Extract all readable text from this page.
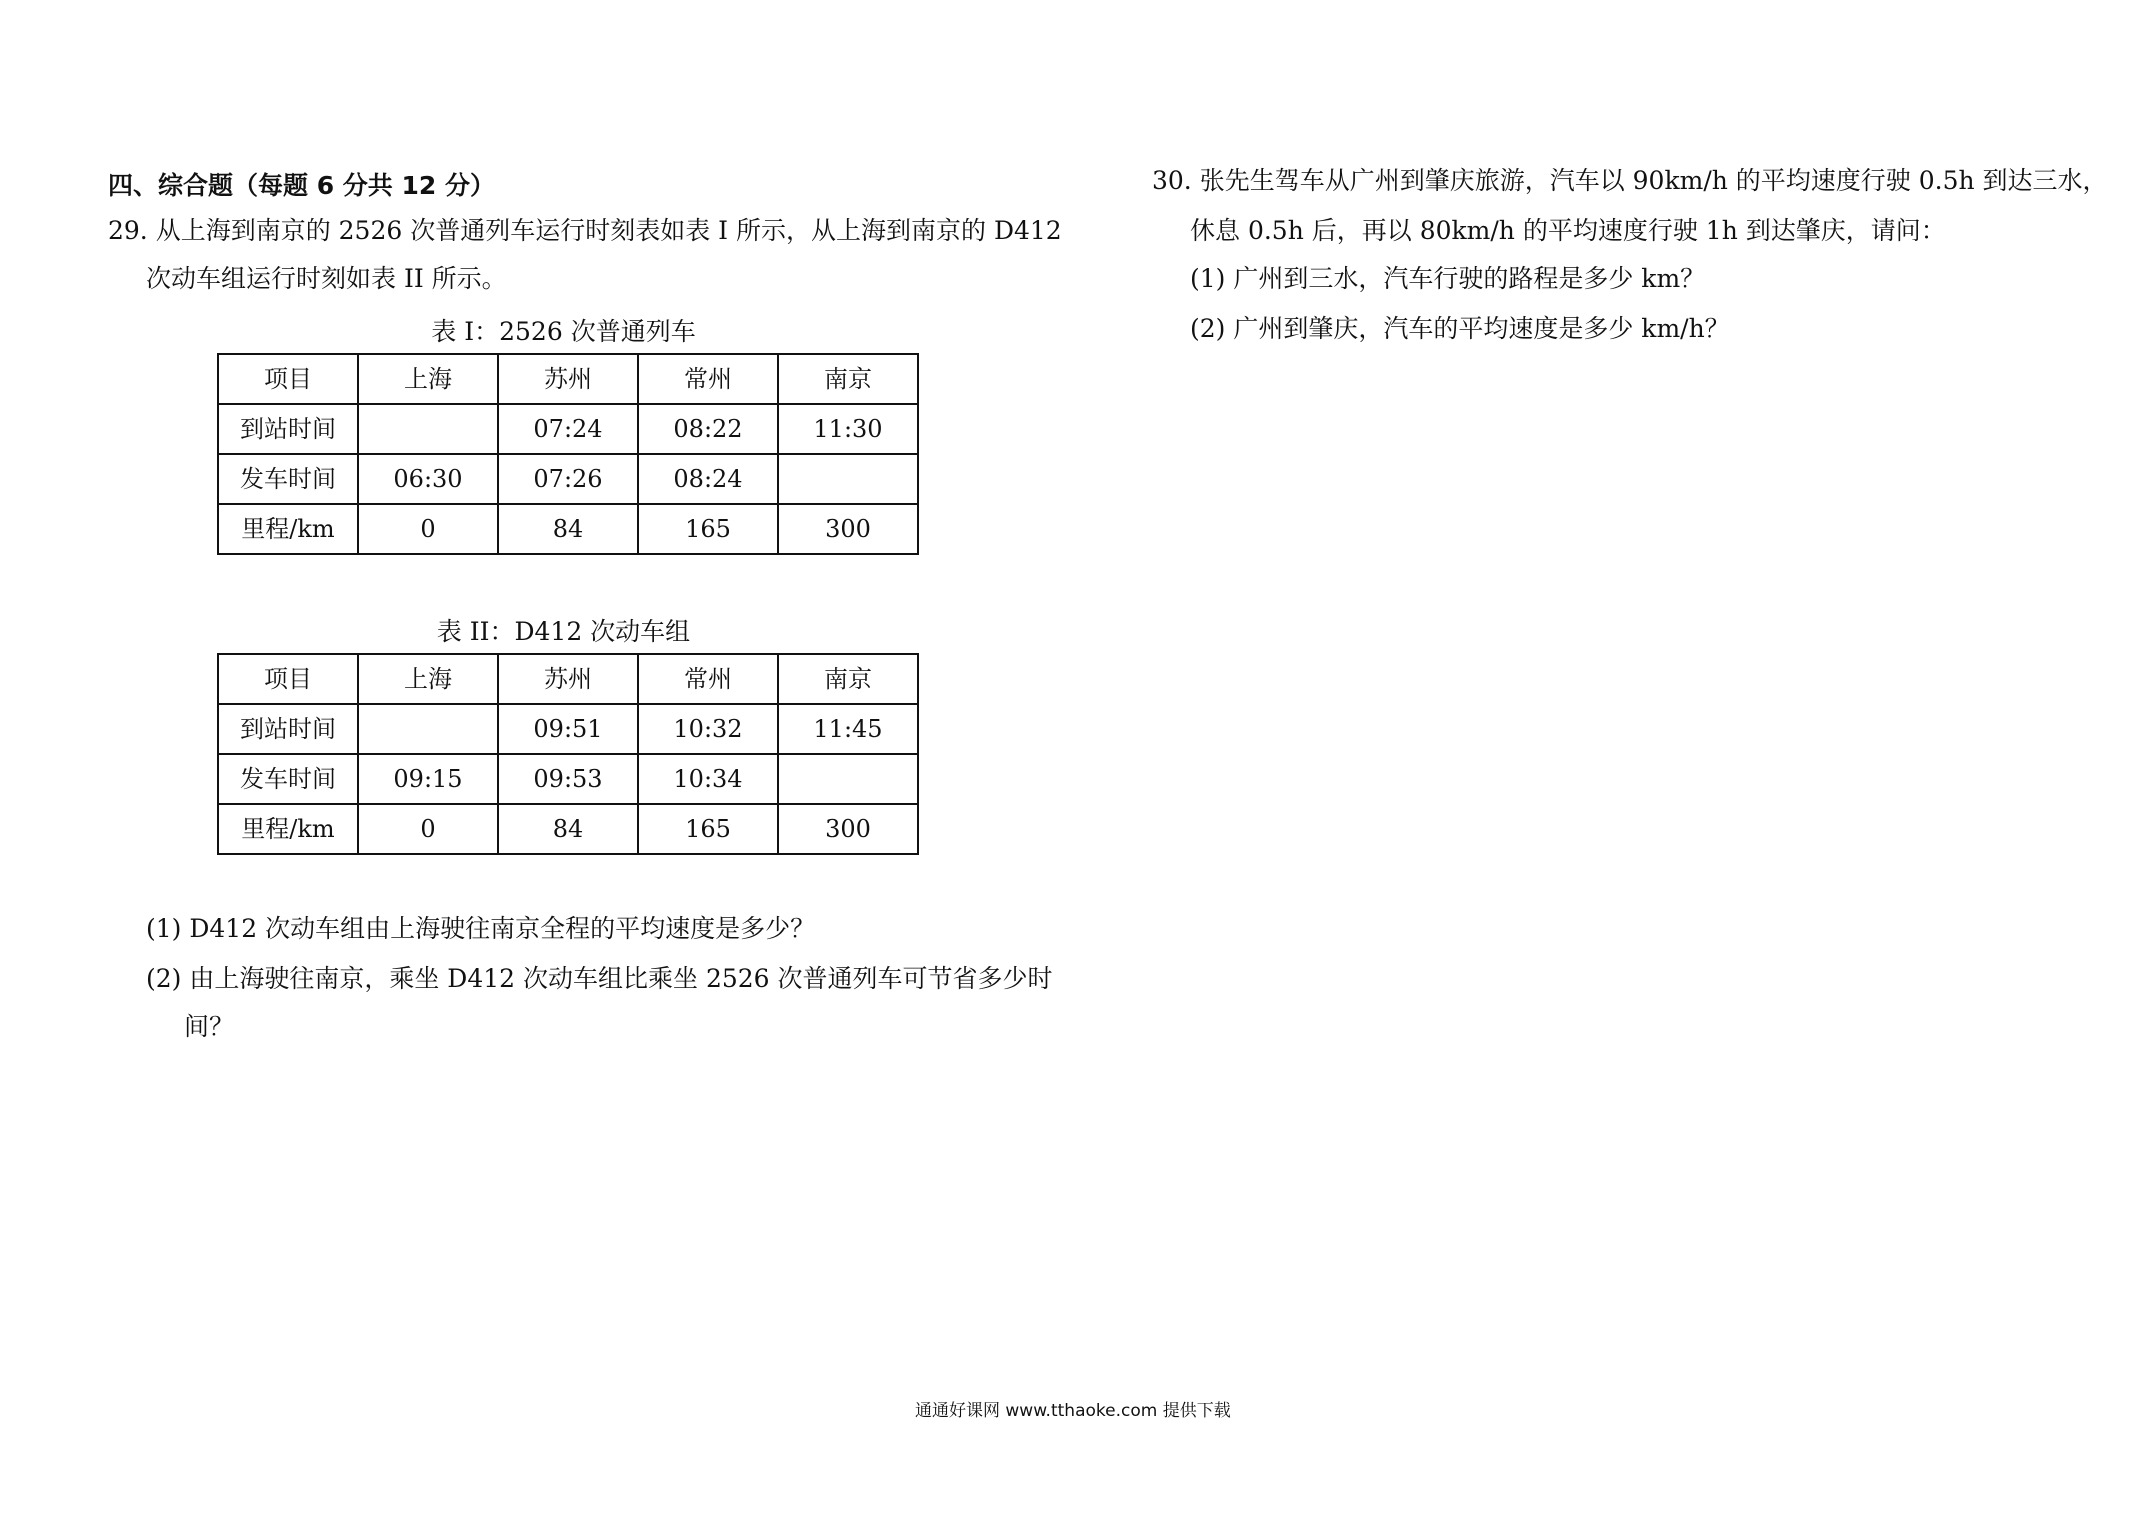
四、综合题（每题 6 分共 12 分）
29. 从上海到南京的 2526 次普通列车运行时刻表如表 I 所示，从上海到南京的 D412
次动车组运行时刻如表 II 所示。
表 I：2526 次普通列车
项目	上海	苏州	常州	南京
到站时间		07:24	08:22	11:30
发车时间	06:30	07:26	08:24	
里程/km	0	84	165	300
表 II：D412 次动车组
项目	上海	苏州	常州	南京
到站时间		09:51	10:32	11:45
发车时间	09:15	09:53	10:34	
里程/km	0	84	165	300
(1) D412 次动车组由上海驶往南京全程的平均速度是多少？
(2) 由上海驶往南京，乘坐 D412 次动车组比乘坐 2526 次普通列车可节省多少时
间？
30. 张先生驾车从广州到肇庆旅游，汽车以 90km/h 的平均速度行驶 0.5h 到达三水，
休息 0.5h 后，再以 80km/h 的平均速度行驶 1h 到达肇庆，请问：
(1) 广州到三水，汽车行驶的路程是多少 km？
(2) 广州到肇庆，汽车的平均速度是多少 km/h？
通通好课网 www.tthaoke.com 提供下载
